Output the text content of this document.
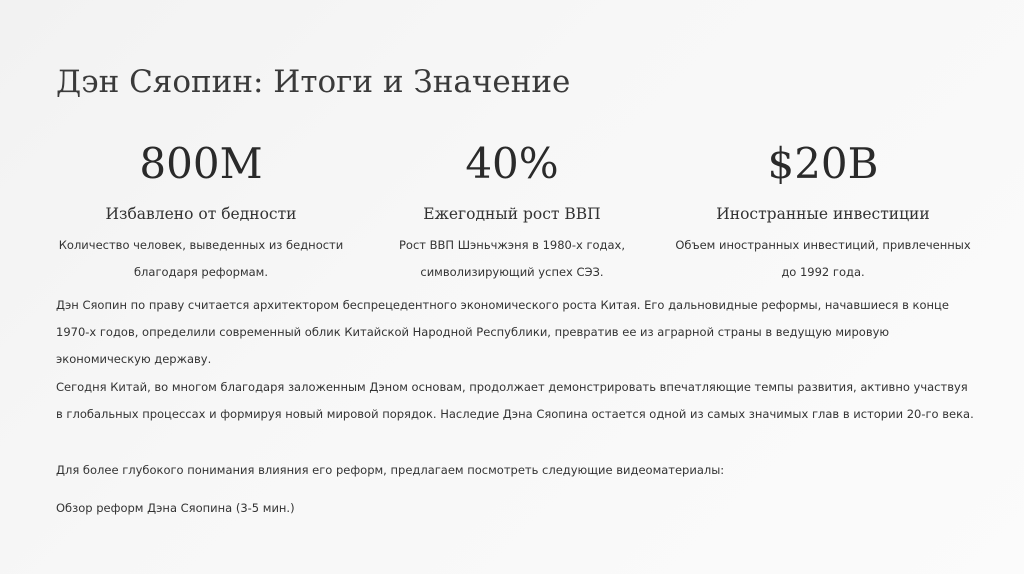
Дэн Сяопин: Итоги и Значение
800M
Избавлено от бедности
Количество человек, выведенных из бедности благодаря реформам.
40%
Ежегодный рост ВВП
Рост ВВП Шэньчжэня в 1980-х годах, символизирующий успех СЭЗ.
$20B
Иностранные инвестиции
Объем иностранных инвестиций, привлеченных до 1992 года.
Дэн Сяопин по праву считается архитектором беспрецедентного экономического роста Китая. Его дальновидные реформы, начавшиеся в конце 1970-х годов, определили современный облик Китайской Народной Республики, превратив ее из аграрной страны в ведущую мировую экономическую державу.
Сегодня Китай, во многом благодаря заложенным Дэном основам, продолжает демонстрировать впечатляющие темпы развития, активно участвуя в глобальных процессах и формируя новый мировой порядок. Наследие Дэна Сяопина остается одной из самых значимых глав в истории 20-го века.
Для более глубокого понимания влияния его реформ, предлагаем посмотреть следующие видеоматериалы:
Обзор реформ Дэна Сяопина (3-5 мин.)
